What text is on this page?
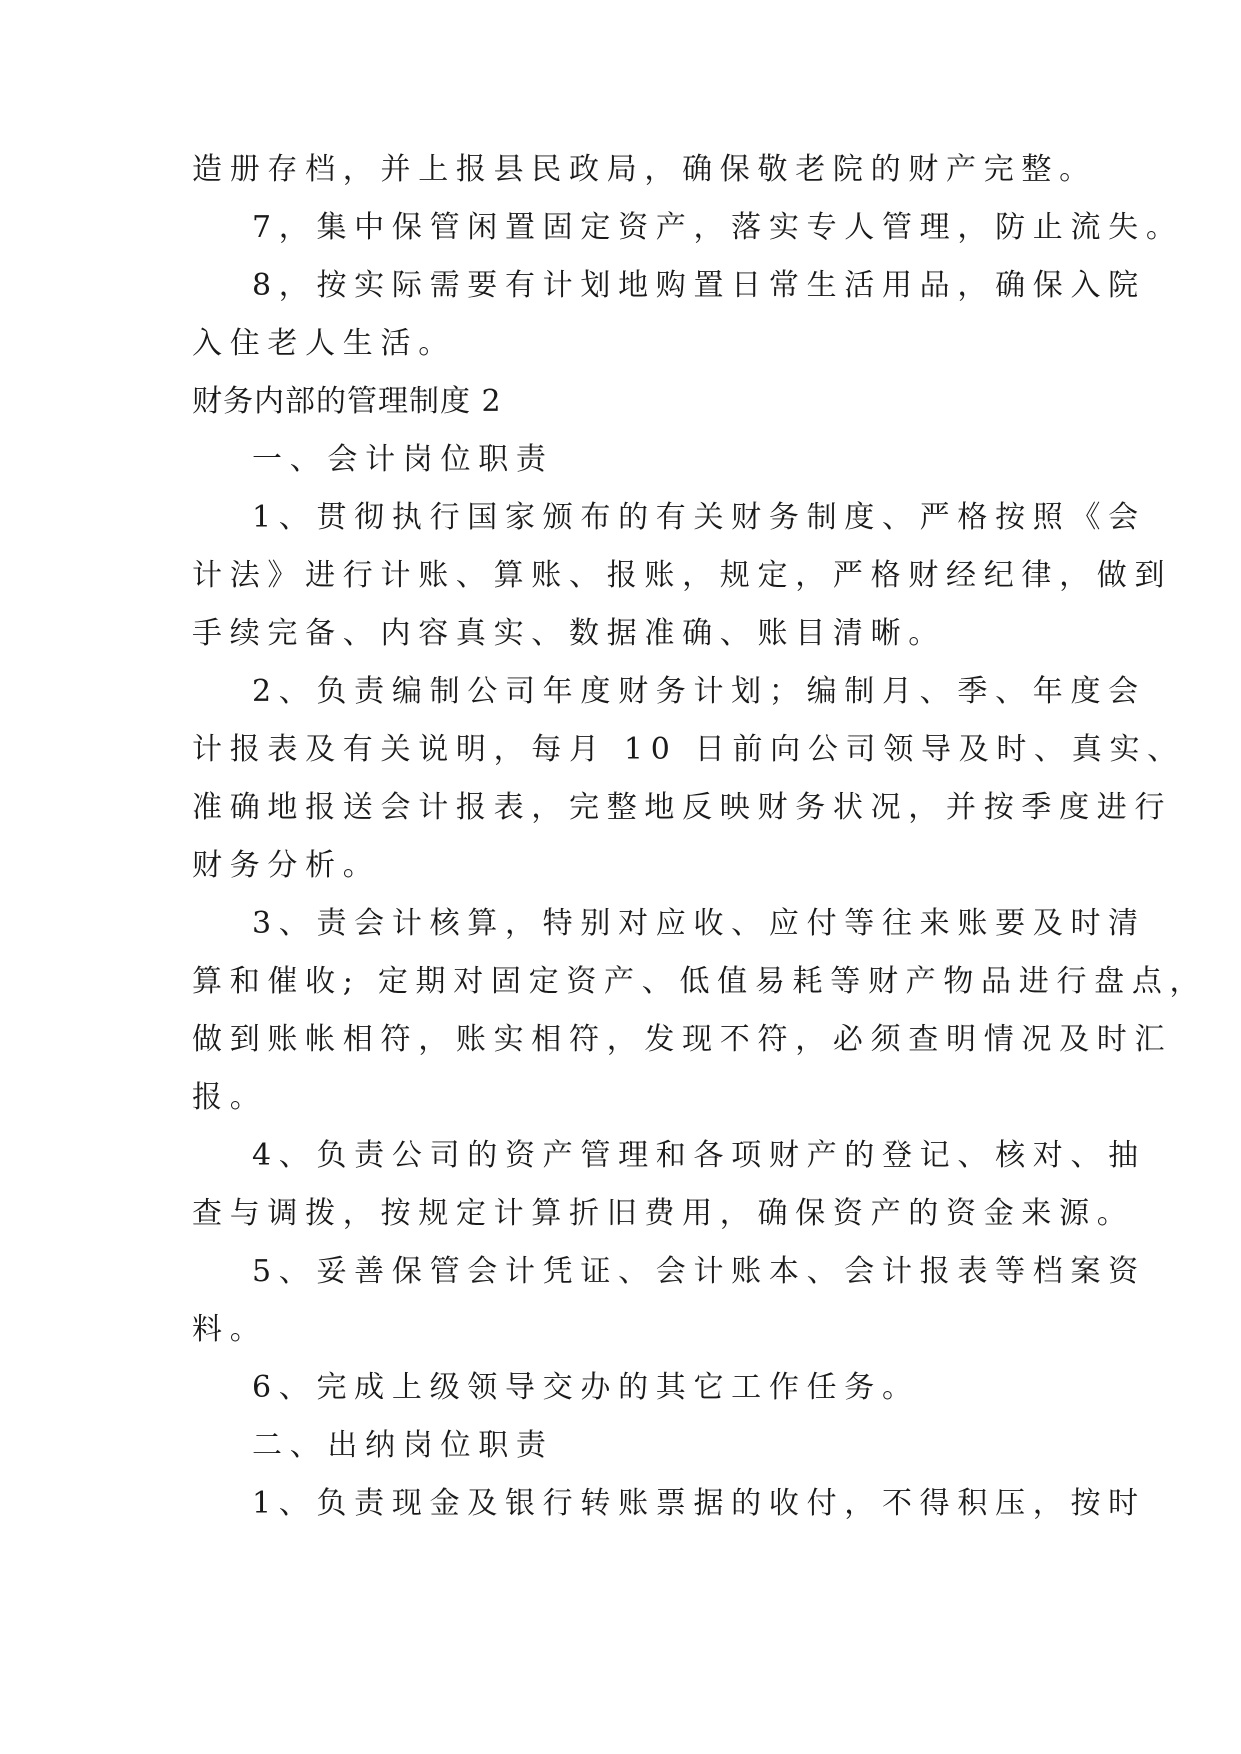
造册存档，并上报县民政局，确保敬老院的财产完整。
7，集中保管闲置固定资产，落实专人管理，防止流失。
8，按实际需要有计划地购置日常生活用品，确保入院
入住老人生活。
财务内部的管理制度 2
一、会计岗位职责
1、贯彻执行国家颁布的有关财务制度、严格按照《会
计法》进行计账、算账、报账，规定，严格财经纪律，做到
手续完备、内容真实、数据准确、账目清晰。
2、负责编制公司年度财务计划；编制月、季、年度会
计报表及有关说明，每月 10 日前向公司领导及时、真实、
准确地报送会计报表，完整地反映财务状况，并按季度进行
财务分析。
3、责会计核算，特别对应收、应付等往来账要及时清
算和催收; 定期对固定资产、低值易耗等财产物品进行盘点，
做到账帐相符，账实相符，发现不符，必须查明情况及时汇
报。
4、负责公司的资产管理和各项财产的登记、核对、抽
查与调拨，按规定计算折旧费用，确保资产的资金来源。
5、妥善保管会计凭证、会计账本、会计报表等档案资
料。
6、完成上级领导交办的其它工作任务。
二、出纳岗位职责
1、负责现金及银行转账票据的收付，不得积压，按时
